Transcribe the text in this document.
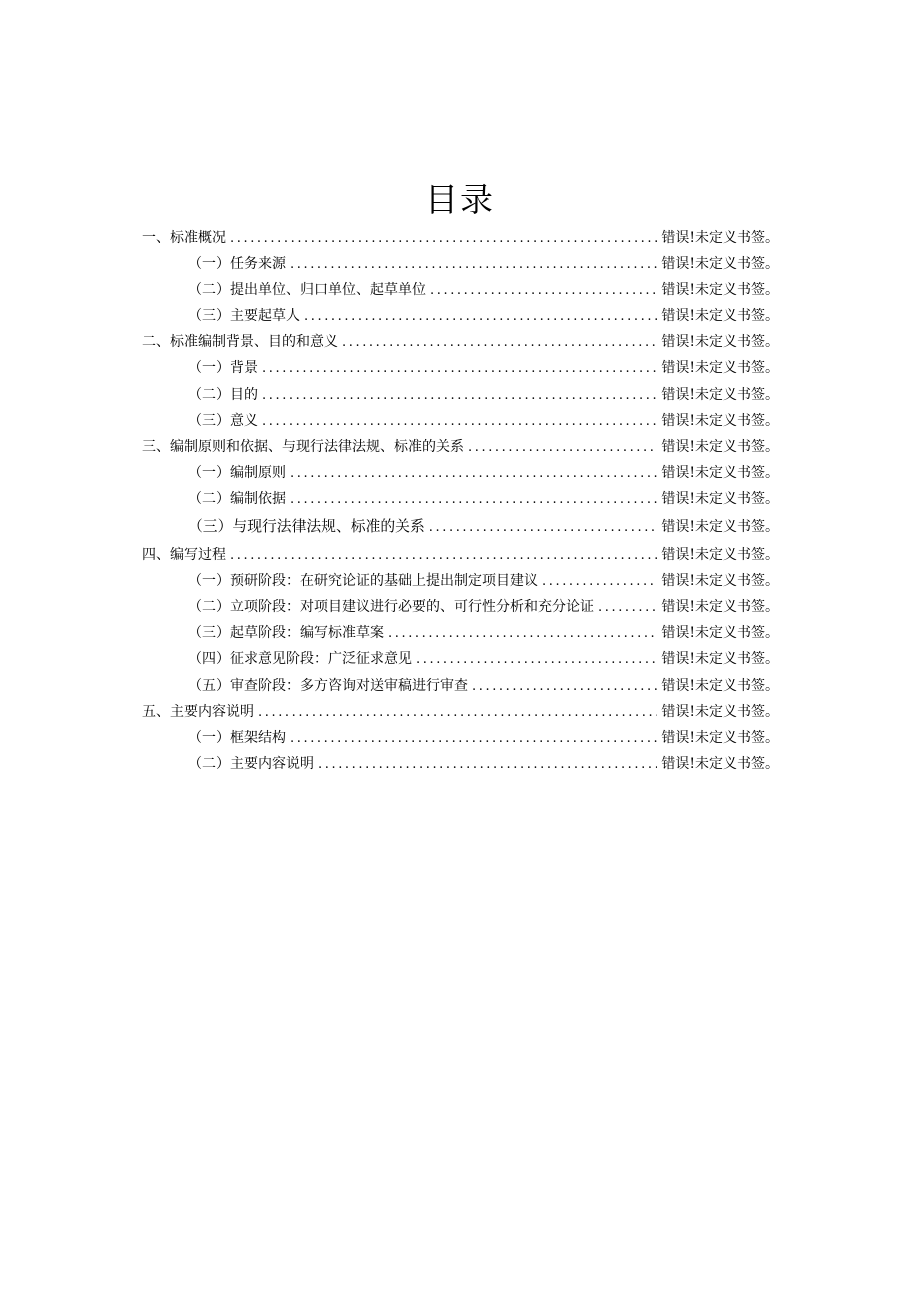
目录
一、标准概况 .....	错误!未定义书签。
（一）任务来源 .....	错误!未定义书签。
（二）提出单位、归口单位、起草单位 .....	错误!未定义书签。
（三）主要起草人 .....	错误!未定义书签。
二、标准编制背景、目的和意义 .....	错误!未定义书签。
（一）背景 .....	错误!未定义书签。
（二）目的 .....	错误!未定义书签。
（三）意义 .....	错误!未定义书签。
三、编制原则和依据、与现行法律法规、标准的关系 .....	错误!未定义书签。
（一）编制原则 .....	错误!未定义书签。
（二）编制依据 .....	错误!未定义书签。
（三）与现行法律法规、标准的关系 .....	错误!未定义书签。
四、编写过程 .....	错误!未定义书签。
（一）预研阶段：在研究论证的基础上提出制定项目建议 .....	错误!未定义书签。
（二）立项阶段：对项目建议进行必要的、可行性分析和充分论证 .....	错误!未定义书签。
（三）起草阶段：编写标准草案 .....	错误!未定义书签。
（四）征求意见阶段：广泛征求意见 .....	错误!未定义书签。
（五）审查阶段：多方咨询对送审稿进行审查 .....	错误!未定义书签。
五、主要内容说明 .....	错误!未定义书签。
（一）框架结构 .....	错误!未定义书签。
（二）主要内容说明 .....	错误!未定义书签。
